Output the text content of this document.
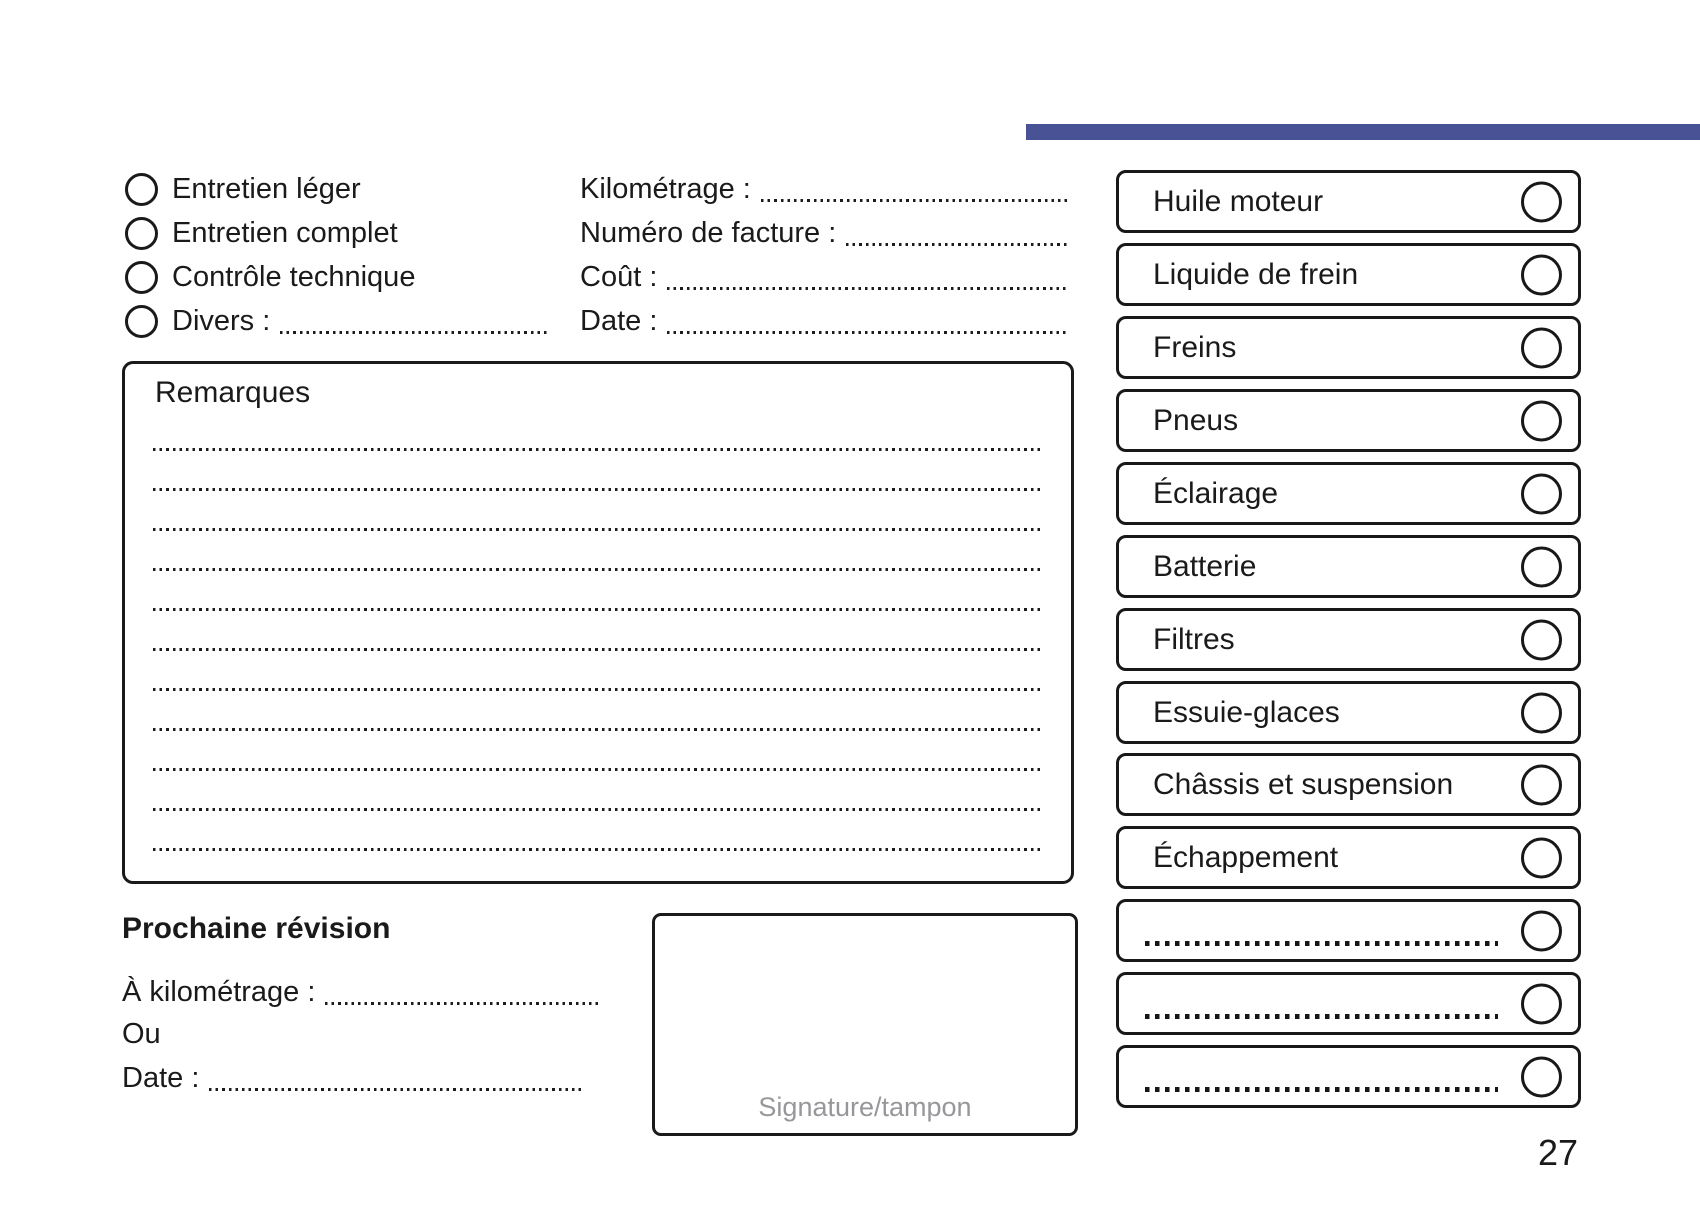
Entretien léger
Entretien complet
Contrôle technique
Divers :
Kilométrage :
Numéro de facture :
Coût :
Date :
Remarques
Prochaine révision
À kilométrage :
Ou
Date :
Signature/tampon
Huile moteur
Liquide de frein
Freins
Pneus
Éclairage
Batterie
Filtres
Essuie-glaces
Châssis et suspension
Échappement
27
